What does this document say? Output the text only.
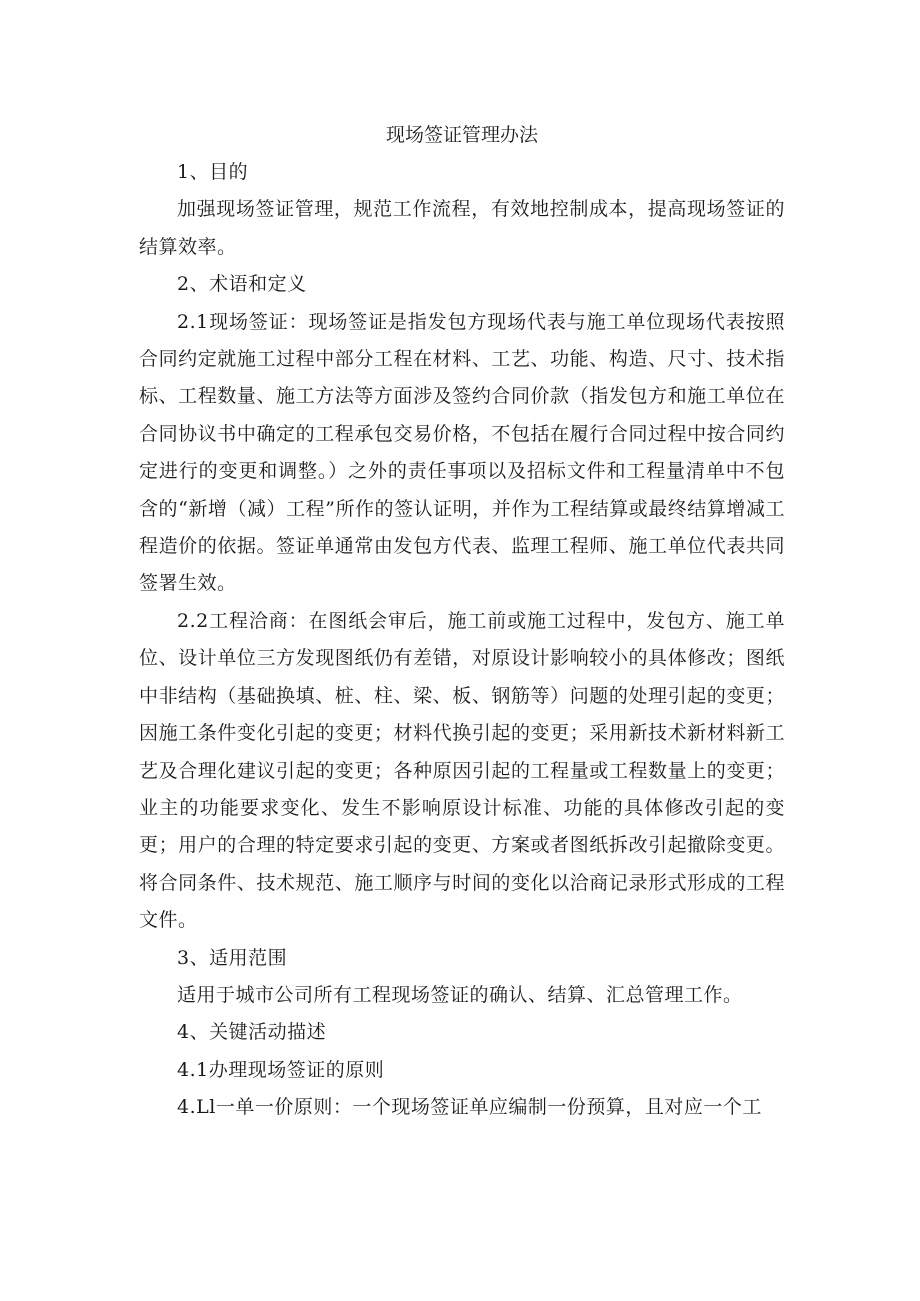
现场签证管理办法

1、目的

加强现场签证管理，规范工作流程，有效地控制成本，提高现场签证的结算效率。

2、术语和定义

2.1现场签证：现场签证是指发包方现场代表与施工单位现场代表按照合同约定就施工过程中部分工程在材料、工艺、功能、构造、尺寸、技术指标、工程数量、施工方法等方面涉及签约合同价款（指发包方和施工单位在合同协议书中确定的工程承包交易价格，不包括在履行合同过程中按合同约定进行的变更和调整。）之外的责任事项以及招标文件和工程量清单中不包含的“新增（减）工程”所作的签认证明，并作为工程结算或最终结算增减工程造价的依据。签证单通常由发包方代表、监理工程师、施工单位代表共同签署生效。

2.2工程洽商：在图纸会审后，施工前或施工过程中，发包方、施工单位、设计单位三方发现图纸仍有差错，对原设计影响较小的具体修改；图纸中非结构（基础换填、桩、柱、梁、板、钢筋等）问题的处理引起的变更；因施工条件变化引起的变更；材料代换引起的变更；采用新技术新材料新工艺及合理化建议引起的变更；各种原因引起的工程量或工程数量上的变更；业主的功能要求变化、发生不影响原设计标准、功能的具体修改引起的变更；用户的合理的特定要求引起的变更、方案或者图纸拆改引起撤除变更。将合同条件、技术规范、施工顺序与时间的变化以洽商记录形式形成的工程文件。

3、适用范围

适用于城市公司所有工程现场签证的确认、结算、汇总管理工作。

4、关键活动描述

4.1办理现场签证的原则

4.Ll一单一价原则：一个现场签证单应编制一份预算，且对应一个工
